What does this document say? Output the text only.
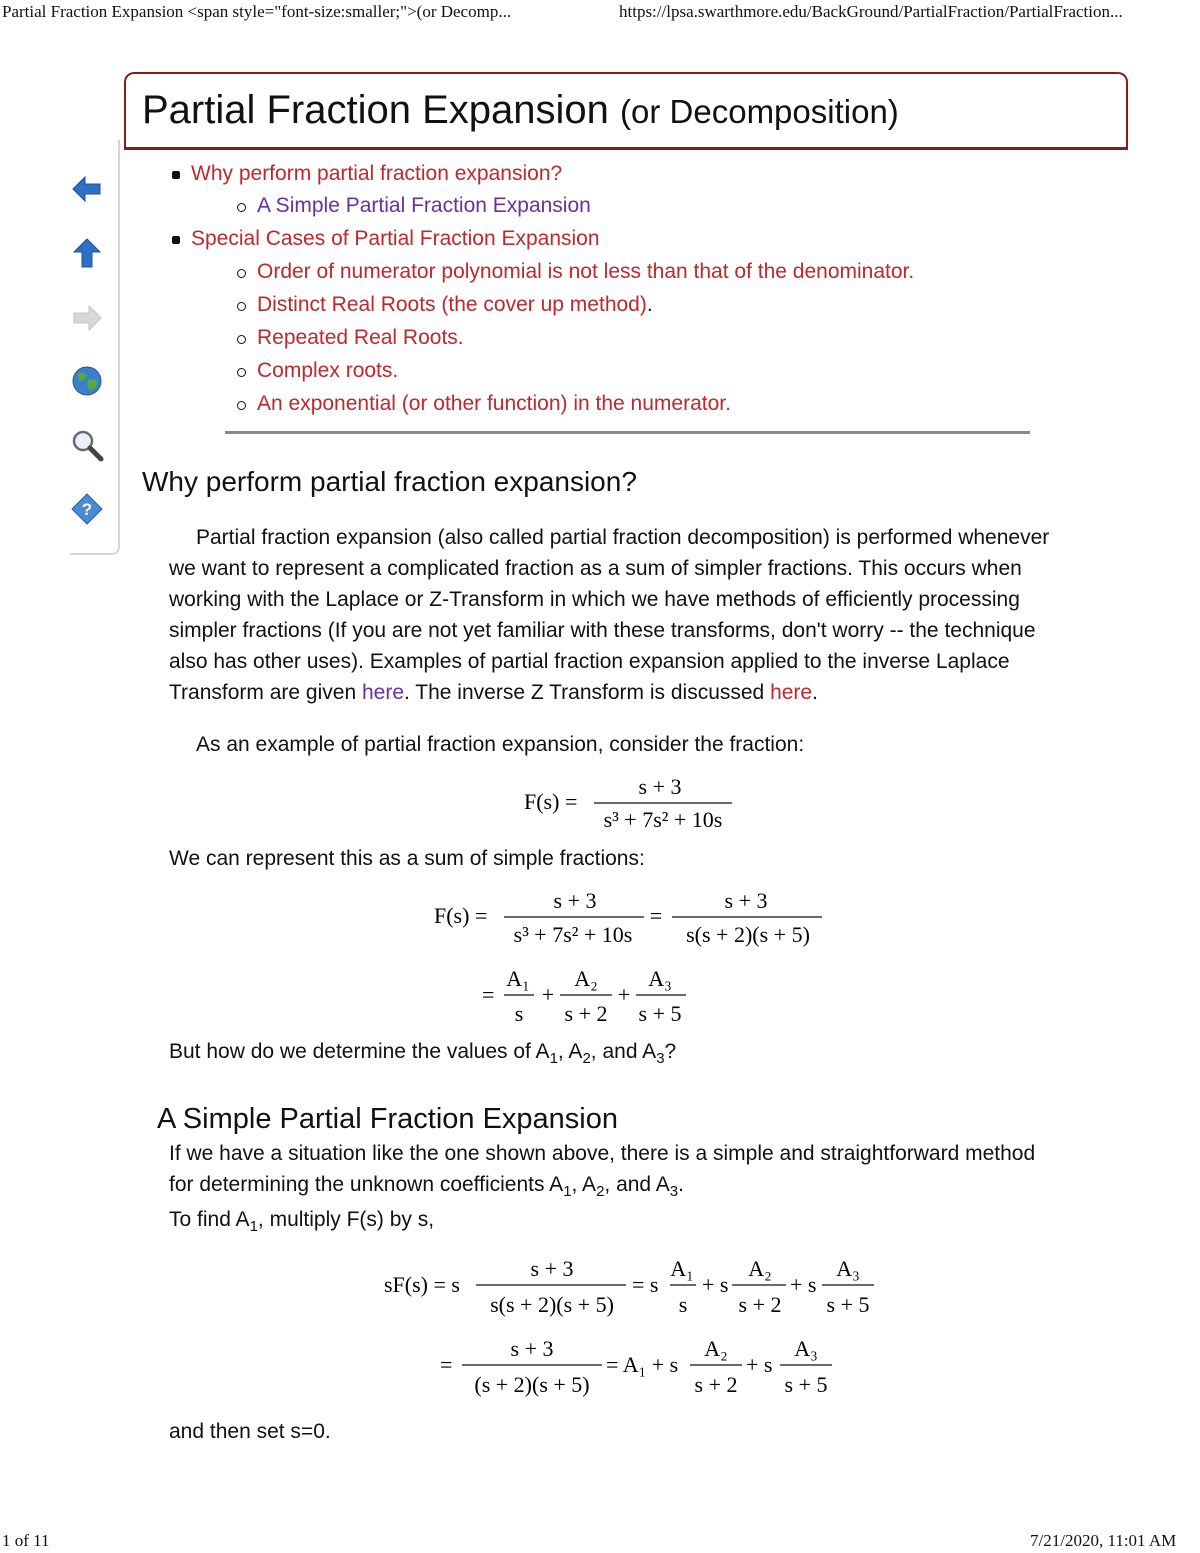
Partial Fraction Expansion <span style="font-size:smaller;">(or Decomp...	https://lpsa.swarthmore.edu/BackGround/PartialFraction/PartialFraction...
1 of 11	7/21/2020, 11:01 AM
Partial Fraction Expansion (or Decomposition)
?
Why perform partial fraction expansion?
A Simple Partial Fraction Expansion
Special Cases of Partial Fraction Expansion
Order of numerator polynomial is not less than that of the denominator.
Distinct Real Roots (the cover up method).
Repeated Real Roots.
Complex roots.
An exponential (or other function) in the numerator.
Why perform partial fraction expansion?
Partial fraction expansion (also called partial fraction decomposition) is performed whenever
we want to represent a complicated fraction as a sum of simpler fractions. This occurs when
working with the Laplace or Z-Transform in which we have methods of efficiently processing
simpler fractions (If you are not yet familiar with these transforms, don't worry -- the technique
also has other uses). Examples of partial fraction expansion applied to the inverse Laplace
Transform are given here. The inverse Z Transform is discussed here.
As an example of partial fraction expansion, consider the fraction:
F(s) =
s + 3
s³ + 7s² + 10s
We can represent this as a sum of simple fractions:
F(s) =
s + 3
s³ + 7s² + 10s
=
s + 3
s(s + 2)(s + 5)
=
A₁
s
+
A₂
s + 2
+
A₃
s + 5
But how do we determine the values of $A_1$, $A_2$, and $A_3$?
A Simple Partial Fraction Expansion
If we have a situation like the one shown above, there is a simple and straightforward method
for determining the unknown coefficients $A_1$, $A_2$, and $A_3$.
To find $A_1$, multiply F(s) by s,
sF(s) = s
s + 3
s(s + 2)(s + 5)
= s
A₁
s
+ s
A₂
s + 2
+ s
A₃
s + 5
=
s + 3
(s + 2)(s + 5)
= A₁ + s
A₂
s + 2
+ s
A₃
s + 5
and then set s=0.
